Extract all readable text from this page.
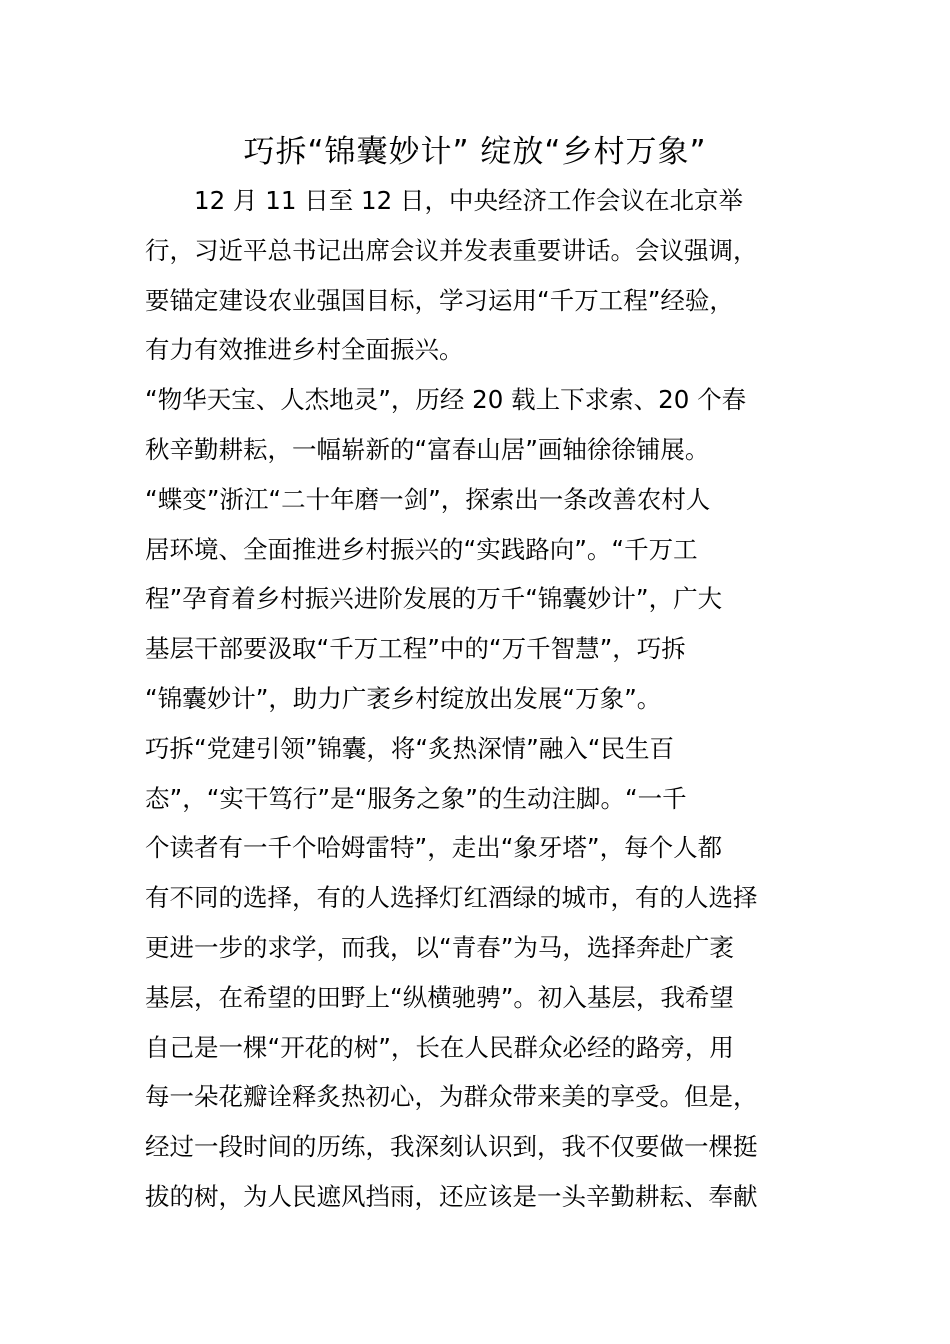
巧拆“锦囊妙计” 绽放“乡村万象”
　　12 月 11 日至 12 日，中央经济工作会议在北京举
行，习近平总书记出席会议并发表重要讲话。会议强调，
要锚定建设农业强国目标，学习运用“千万工程”经验，
有力有效推进乡村全面振兴。
“物华天宝、人杰地灵”，历经 20 载上下求索、20 个春
秋辛勤耕耘，一幅崭新的“富春山居”画轴徐徐铺展。
“蝶变”浙江“二十年磨一剑”，探索出一条改善农村人
居环境、全面推进乡村振兴的“实践路向”。“千万工
程”孕育着乡村振兴进阶发展的万千“锦囊妙计”，广大
基层干部要汲取“千万工程”中的“万千智慧”，巧拆
“锦囊妙计”，助力广袤乡村绽放出发展“万象”。
巧拆“党建引领”锦囊，将“炙热深情”融入“民生百
态”，“实干笃行”是“服务之象”的生动注脚。“一千
个读者有一千个哈姆雷特”，走出“象牙塔”，每个人都
有不同的选择，有的人选择灯红酒绿的城市，有的人选择
更进一步的求学，而我，以“青春”为马，选择奔赴广袤
基层，在希望的田野上“纵横驰骋”。初入基层，我希望
自己是一棵“开花的树”，长在人民群众必经的路旁，用
每一朵花瓣诠释炙热初心，为群众带来美的享受。但是，
经过一段时间的历练，我深刻认识到，我不仅要做一棵挺
拔的树，为人民遮风挡雨，还应该是一头辛勤耕耘、奉献
